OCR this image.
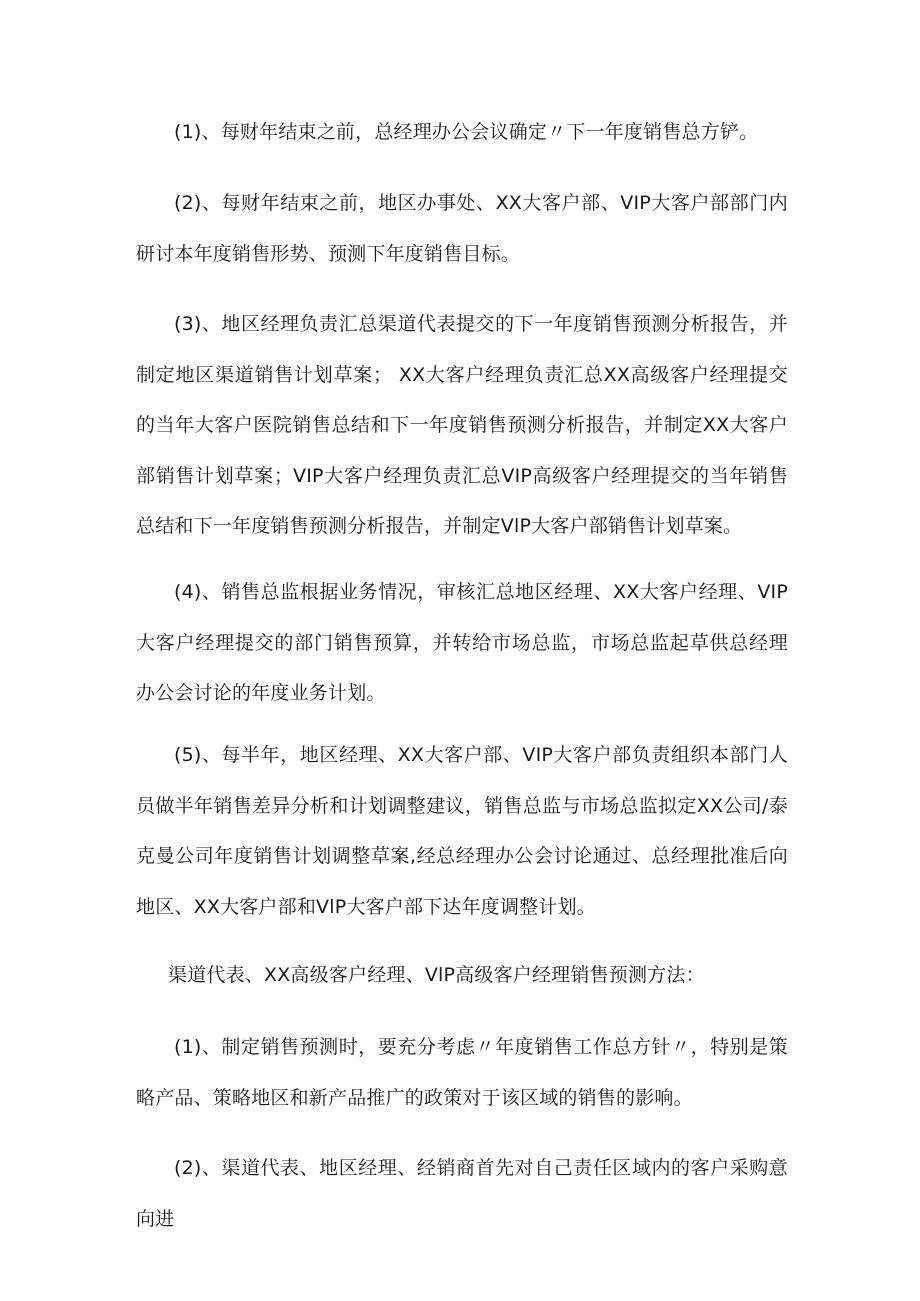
(1)、每财年结束之前，总经理办公会议确定〃下一年度销售总方铲。

(2)、每财年结束之前，地区办事处、XX大客户部、VIP大客户部部门内研讨本年度销售形势、预测下年度销售目标。

(3)、地区经理负责汇总渠道代表提交的下一年度销售预测分析报告，并制定地区渠道销售计划草案； XX大客户经理负责汇总XX高级客户经理提交的当年大客户医院销售总结和下一年度销售预测分析报告，并制定XX大客户部销售计划草案；VIP大客户经理负责汇总VIP高级客户经理提交的当年销售总结和下一年度销售预测分析报告，并制定VlP大客户部销售计划草案。

(4)、销售总监根据业务情况，审核汇总地区经理、XX大客户经理、VIP大客户经理提交的部门销售预算，并转给市场总监，市场总监起草供总经理办公会讨论的年度业务计划。

(5)、每半年，地区经理、XX大客户部、VIP大客户部负责组织本部门人员做半年销售差异分析和计划调整建议，销售总监与市场总监拟定XX公司/泰克曼公司年度销售计划调整草案,经总经理办公会讨论通过、总经理批准后向地区、XX大客户部和VlP大客户部下达年度调整计划。

渠道代表、XX高级客户经理、VlP高级客户经理销售预测方法：

(1)、制定销售预测时，要充分考虑〃年度销售工作总方针〃，特别是策略产品、策略地区和新产品推广的政策对于该区域的销售的影响。

(2)、渠道代表、地区经理、经销商首先对自己责任区域内的客户采购意向进
